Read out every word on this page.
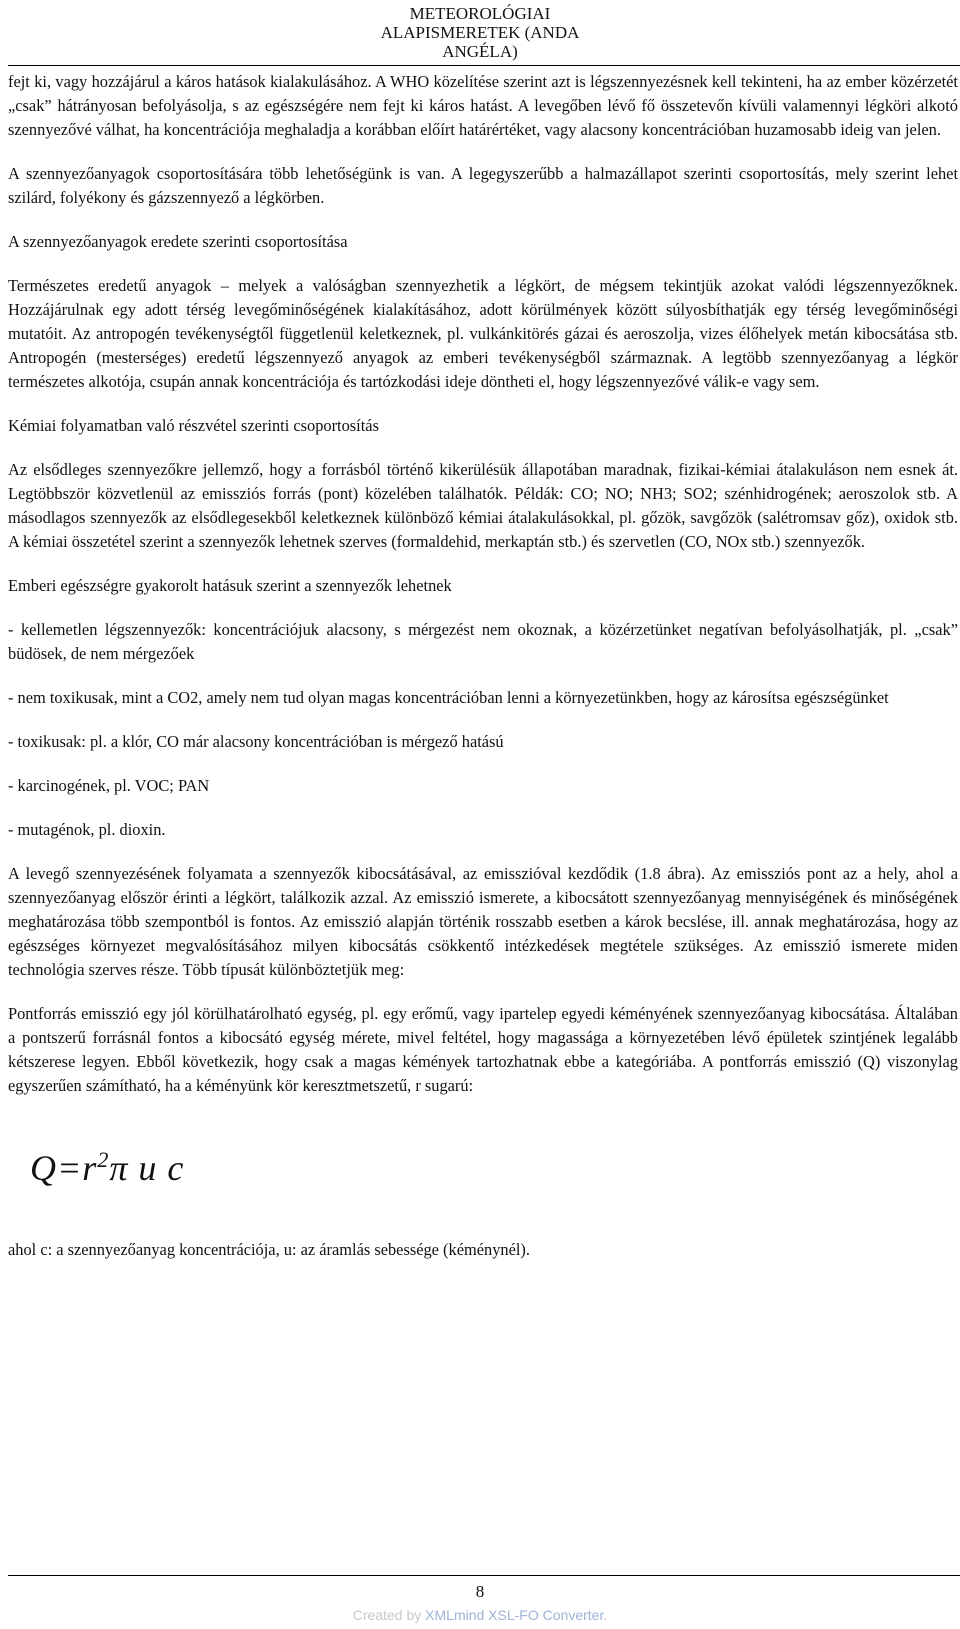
METEOROLÓGIAI
ALAPISMERETEK (ANDA
ANGÉLA)

fejt ki, vagy hozzájárul a káros hatások kialakulásához. A WHO közelítése szerint azt is légszennyezésnek kell tekinteni, ha az ember közérzetét „csak” hátrányosan befolyásolja, s az egészségére nem fejt ki káros hatást. A levegőben lévő fő összetevőn kívüli valamennyi légköri alkotó szennyezővé válhat, ha koncentrációja meghaladja a korábban előírt határértéket, vagy alacsony koncentrációban huzamosabb ideig van jelen.

A szennyezőanyagok csoportosítására több lehetőségünk is van. A legegyszerűbb a halmazállapot szerinti csoportosítás, mely szerint lehet szilárd, folyékony és gázszennyező a légkörben.

A szennyezőanyagok eredete szerinti csoportosítása

Természetes eredetű anyagok – melyek a valóságban szennyezhetik a légkört, de mégsem tekintjük azokat valódi légszennyezőknek. Hozzájárulnak egy adott térség levegőminőségének kialakításához, adott körülmények között súlyosbíthatják egy térség levegőminőségi mutatóit. Az antropogén tevékenységtől függetlenül keletkeznek, pl. vulkánkitörés gázai és aeroszolja, vizes élőhelyek metán kibocsátása stb. Antropogén (mesterséges) eredetű légszennyező anyagok az emberi tevékenységből származnak. A legtöbb szennyezőanyag a légkör természetes alkotója, csupán annak koncentrációja és tartózkodási ideje döntheti el, hogy légszennyezővé válik-e vagy sem.

Kémiai folyamatban való részvétel szerinti csoportosítás

Az elsődleges szennyezőkre jellemző, hogy a forrásból történő kikerülésük állapotában maradnak, fizikai-kémiai átalakuláson nem esnek át. Legtöbbször közvetlenül az emissziós forrás (pont) közelében találhatók. Példák: CO; NO; NH3; SO2; szénhidrogének; aeroszolok stb. A másodlagos szennyezők az elsődlegesekből keletkeznek különböző kémiai átalakulásokkal, pl. gőzök, savgőzök (salétromsav gőz), oxidok stb. A kémiai összetétel szerint a szennyezők lehetnek szerves (formaldehid, merkaptán stb.) és szervetlen (CO, NOx stb.) szennyezők.

Emberi egészségre gyakorolt hatásuk szerint a szennyezők lehetnek

- kellemetlen légszennyezők: koncentrációjuk alacsony, s mérgezést nem okoznak, a közérzetünket negatívan befolyásolhatják, pl. „csak” büdösek, de nem mérgezőek

- nem toxikusak, mint a CO2, amely nem tud olyan magas koncentrációban lenni a környezetünkben, hogy az károsítsa egészségünket

- toxikusak: pl. a klór, CO már alacsony koncentrációban is mérgező hatású

- karcinogének, pl. VOC; PAN

- mutagénok, pl. dioxin.

A levegő szennyezésének folyamata a szennyezők kibocsátásával, az emisszióval kezdődik (1.8 ábra). Az emissziós pont az a hely, ahol a szennyezőanyag először érinti a légkört, találkozik azzal. Az emisszió ismerete, a kibocsátott szennyezőanyag mennyiségének és minőségének meghatározása több szempontból is fontos. Az emisszió alapján történik rosszabb esetben a károk becslése, ill. annak meghatározása, hogy az egészséges környezet megvalósításához milyen kibocsátás csökkentő intézkedések megtétele szükséges. Az emisszió ismerete miden technológia szerves része. Több típusát különböztetjük meg:

Pontforrás emisszió egy jól körülhatárolható egység, pl. egy erőmű, vagy ipartelep egyedi kéményének szennyezőanyag kibocsátása. Általában a pontszerű forrásnál fontos a kibocsátó egység mérete, mivel feltétel, hogy magassága a környezetében lévő épületek szintjének legalább kétszerese legyen. Ebből következik, hogy csak a magas kémények tartozhatnak ebbe a kategóriába. A pontforrás emisszió (Q) viszonylag egyszerűen számítható, ha a kéményünk kör keresztmetszetű, r sugarú:

$Q=r^2\pi$ u c

ahol c: a szennyezőanyag koncentrációja, u: az áramlás sebessége (kéménynél).

8
Created by XMLmind XSL-FO Converter.
